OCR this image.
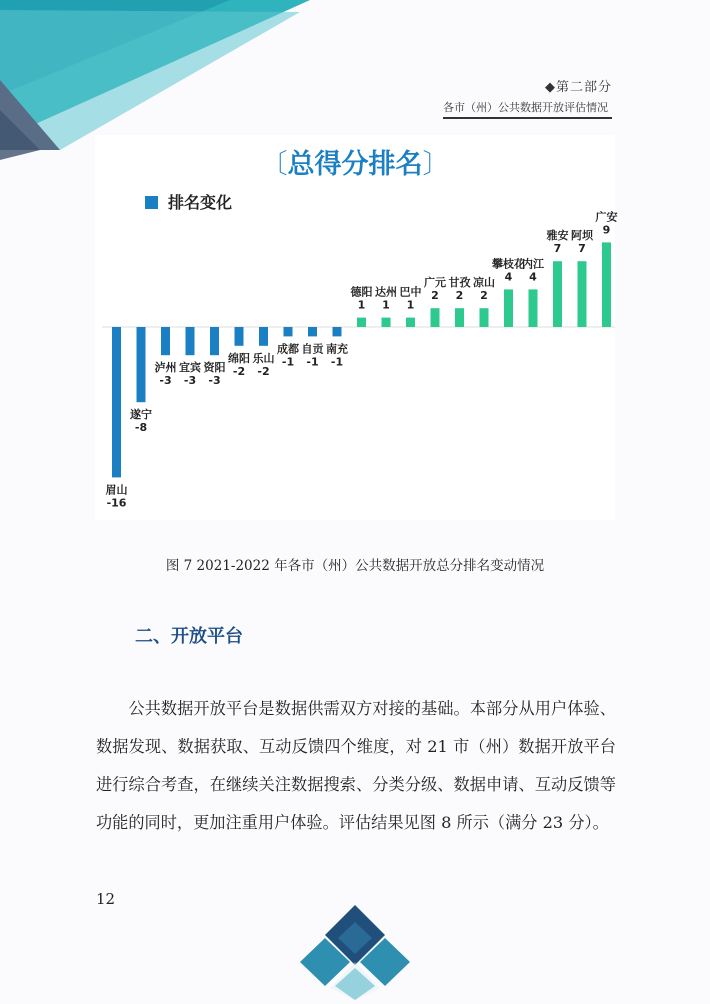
◆第二部分
各市（州）公共数据开放评估情况
〔总得分排名〕
排名变化
眉山
-16
遂宁
-8
泸州
-3
宜宾
-3
资阳
-3
绵阳
-2
乐山
-2
成都
-1
自贡
-1
南充
-1
德阳
1
达州
1
巴中
1
广元
2
甘孜
2
凉山
2
攀枝花
4
内江
4
雅安
7
阿坝
7
广安
9
图 7 2021-2022 年各市（州）公共数据开放总分排名变动情况
二、开放平台
公共数据开放平台是数据供需双方对接的基础。本部分从用户体验、数据发现、数据获取、互动反馈四个维度，对 21 市（州）数据开放平台进行综合考查，在继续关注数据搜索、分类分级、数据申请、互动反馈等功能的同时，更加注重用户体验。评估结果见图 8 所示（满分 23 分）。
12
